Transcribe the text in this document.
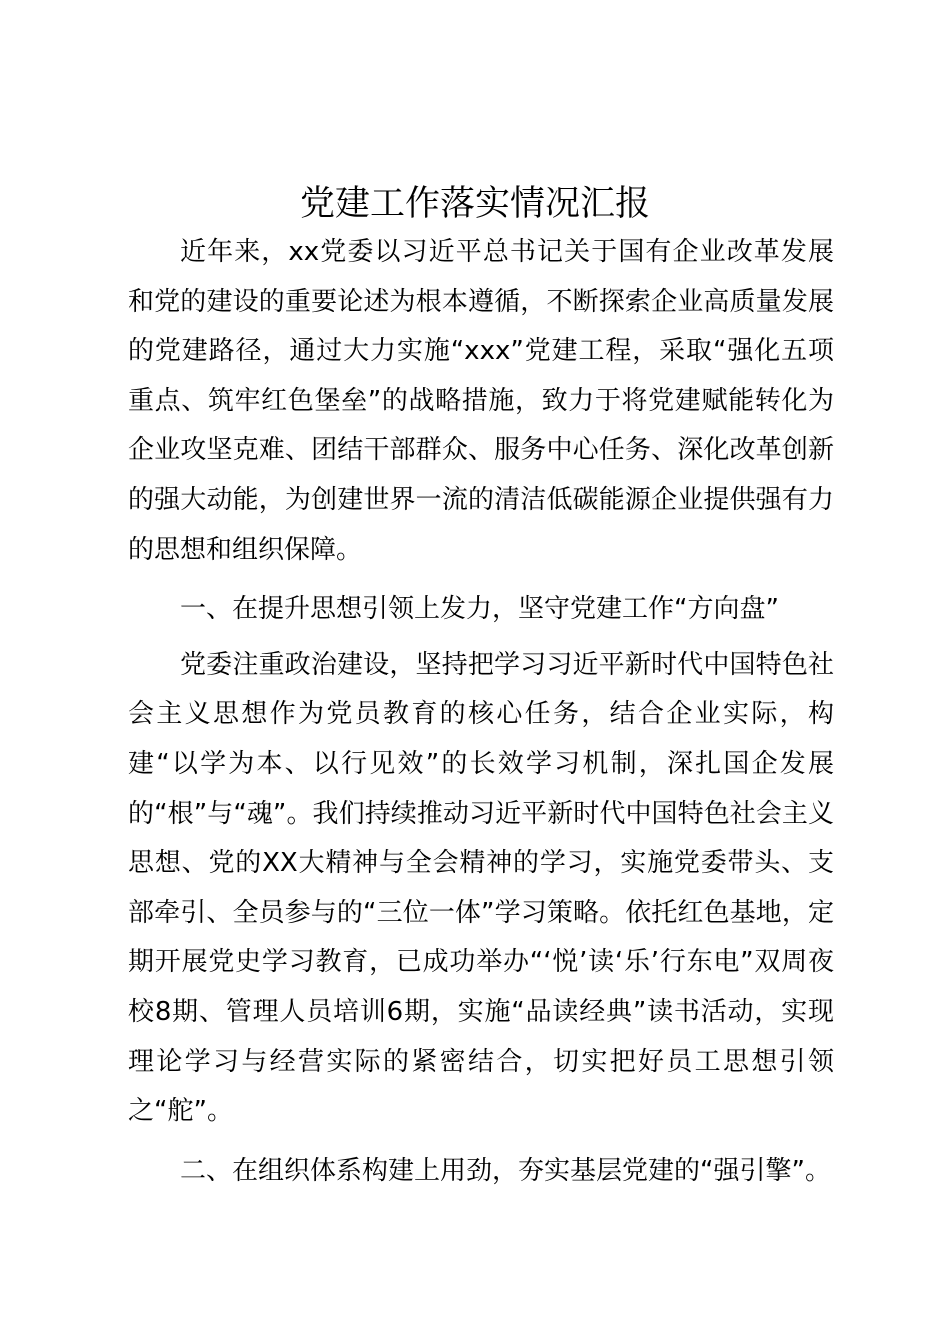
党建工作落实情况汇报

近年来，xx党委以习近平总书记关于国有企业改革发展和党的建设的重要论述为根本遵循，不断探索企业高质量发展的党建路径，通过大力实施“xxx”党建工程，采取“强化五项重点、筑牢红色堡垒”的战略措施，致力于将党建赋能转化为企业攻坚克难、团结干部群众、服务中心任务、深化改革创新的强大动能，为创建世界一流的清洁低碳能源企业提供强有力的思想和组织保障。

一、在提升思想引领上发力，坚守党建工作“方向盘”

党委注重政治建设，坚持把学习习近平新时代中国特色社会主义思想作为党员教育的核心任务，结合企业实际，构建“以学为本、以行见效”的长效学习机制，深扎国企发展的“根”与“魂”。我们持续推动习近平新时代中国特色社会主义思想、党的XX大精神与全会精神的学习，实施党委带头、支部牵引、全员参与的“三位一体”学习策略。依托红色基地，定期开展党史学习教育，已成功举办“‘悦’读‘乐’行东电”双周夜校8期、管理人员培训6期，实施“品读经典”读书活动，实现理论学习与经营实际的紧密结合，切实把好员工思想引领之“舵”。

二、在组织体系构建上用劲，夯实基层党建的“强引擎”。
